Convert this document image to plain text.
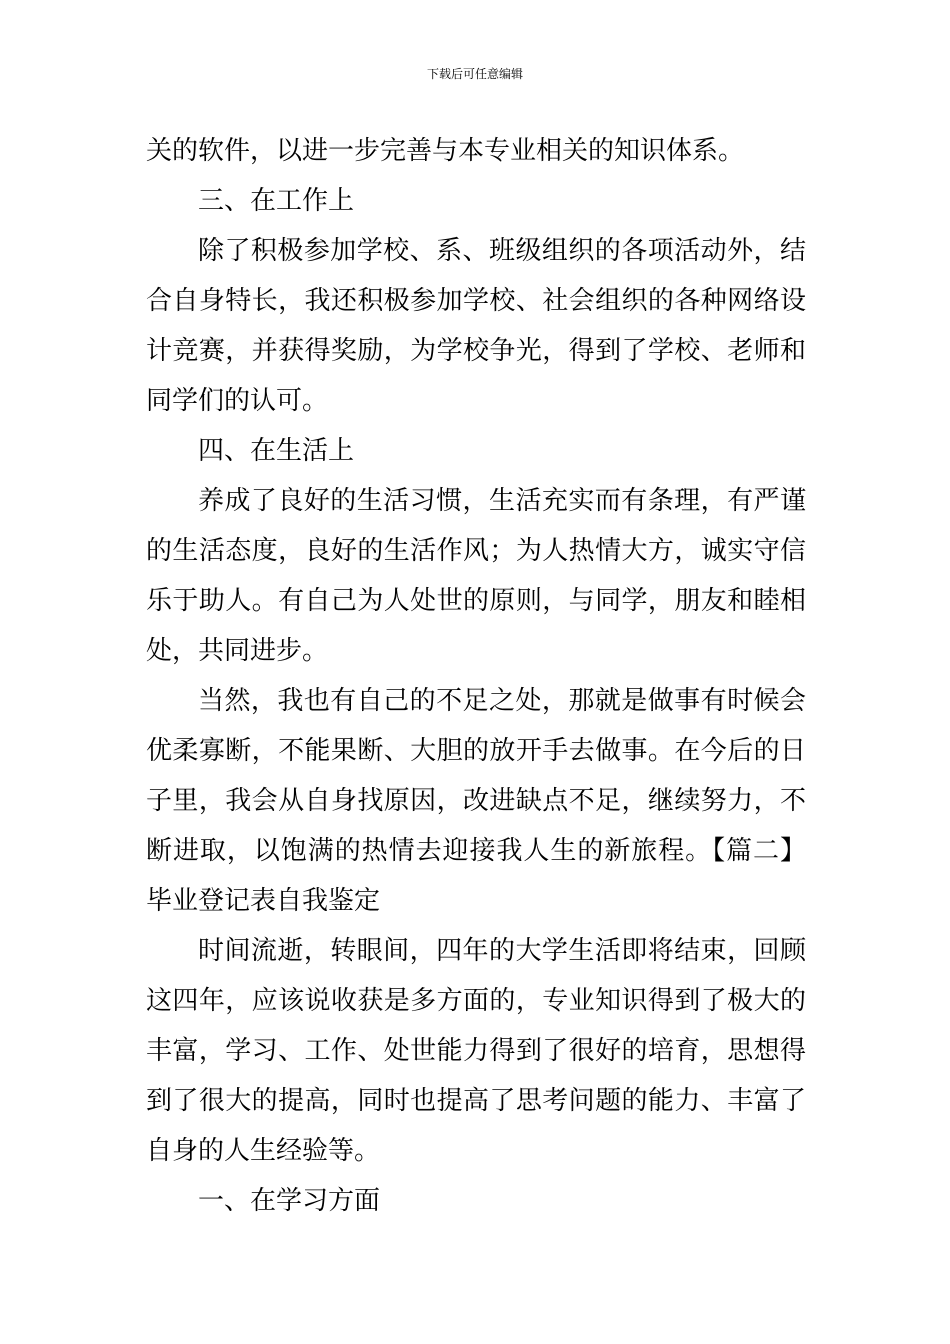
下载后可任意编辑
关的软件，以进一步完善与本专业相关的知识体系。
三、在工作上
除了积极参加学校、系、班级组织的各项活动外，结
合自身特长，我还积极参加学校、社会组织的各种网络设
计竞赛，并获得奖励，为学校争光，得到了学校、老师和
同学们的认可。
四、在生活上
养成了良好的生活习惯，生活充实而有条理，有严谨
的生活态度，良好的生活作风；为人热情大方，诚实守信
乐于助人。有自己为人处世的原则，与同学，朋友和睦相
处，共同进步。
当然，我也有自己的不足之处，那就是做事有时候会
优柔寡断，不能果断、大胆的放开手去做事。在今后的日
子里，我会从自身找原因，改进缺点不足，继续努力，不
断进取，以饱满的热情去迎接我人生的新旅程。【篇二】
毕业登记表自我鉴定
时间流逝，转眼间，四年的大学生活即将结束，回顾
这四年，应该说收获是多方面的，专业知识得到了极大的
丰富，学习、工作、处世能力得到了很好的培育，思想得
到了很大的提高，同时也提高了思考问题的能力、丰富了
自身的人生经验等。
一、在学习方面
